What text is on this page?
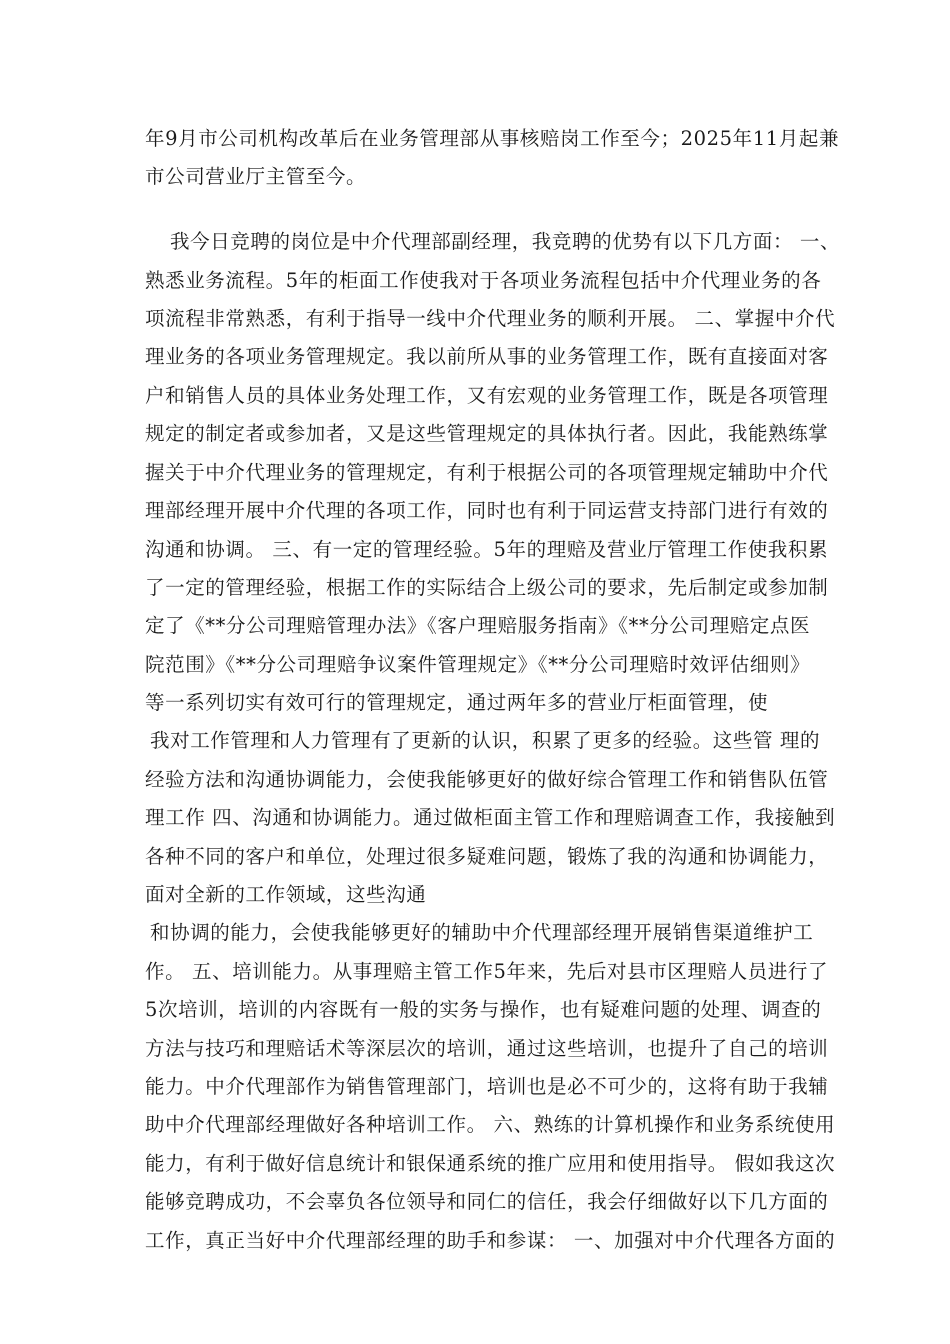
年9月市公司机构改革后在业务管理部从事核赔岗工作至今；2025年11月起兼
市公司营业厅主管至今。
我今日竞聘的岗位是中介代理部副经理，我竞聘的优势有以下几方面： 一、
熟悉业务流程。5年的柜面工作使我对于各项业务流程包括中介代理业务的各
项流程非常熟悉，有利于指导一线中介代理业务的顺利开展。 二、掌握中介代
理业务的各项业务管理规定。我以前所从事的业务管理工作，既有直接面对客
户和销售人员的具体业务处理工作，又有宏观的业务管理工作，既是各项管理
规定的制定者或参加者，又是这些管理规定的具体执行者。因此，我能熟练掌
握关于中介代理业务的管理规定，有利于根据公司的各项管理规定辅助中介代
理部经理开展中介代理的各项工作，同时也有利于同运营支持部门进行有效的
沟通和协调。 三、有一定的管理经验。5年的理赔及营业厅管理工作使我积累
了一定的管理经验，根据工作的实际结合上级公司的要求，先后制定或参加制
定了《**分公司理赔管理办法》《客户理赔服务指南》《**分公司理赔定点医
院范围》《**分公司理赔争议案件管理规定》《**分公司理赔时效评估细则》
等一系列切实有效可行的管理规定，通过两年多的营业厅柜面管理，使
我对工作管理和人力管理有了更新的认识，积累了更多的经验。这些管 理的
经验方法和沟通协调能力，会使我能够更好的做好综合管理工作和销售队伍管
理工作 四、沟通和协调能力。通过做柜面主管工作和理赔调查工作，我接触到
各种不同的客户和单位，处理过很多疑难问题，锻炼了我的沟通和协调能力，
面对全新的工作领域，这些沟通
和协调的能力，会使我能够更好的辅助中介代理部经理开展销售渠道维护工
作。 五、培训能力。从事理赔主管工作5年来，先后对县市区理赔人员进行了
5次培训，培训的内容既有一般的实务与操作，也有疑难问题的处理、调查的
方法与技巧和理赔话术等深层次的培训，通过这些培训，也提升了自己的培训
能力。中介代理部作为销售管理部门，培训也是必不可少的，这将有助于我辅
助中介代理部经理做好各种培训工作。 六、熟练的计算机操作和业务系统使用
能力，有利于做好信息统计和银保通系统的推广应用和使用指导。 假如我这次
能够竞聘成功，不会辜负各位领导和同仁的信任，我会仔细做好以下几方面的
工作，真正当好中介代理部经理的助手和参谋： 一、加强对中介代理各方面的
